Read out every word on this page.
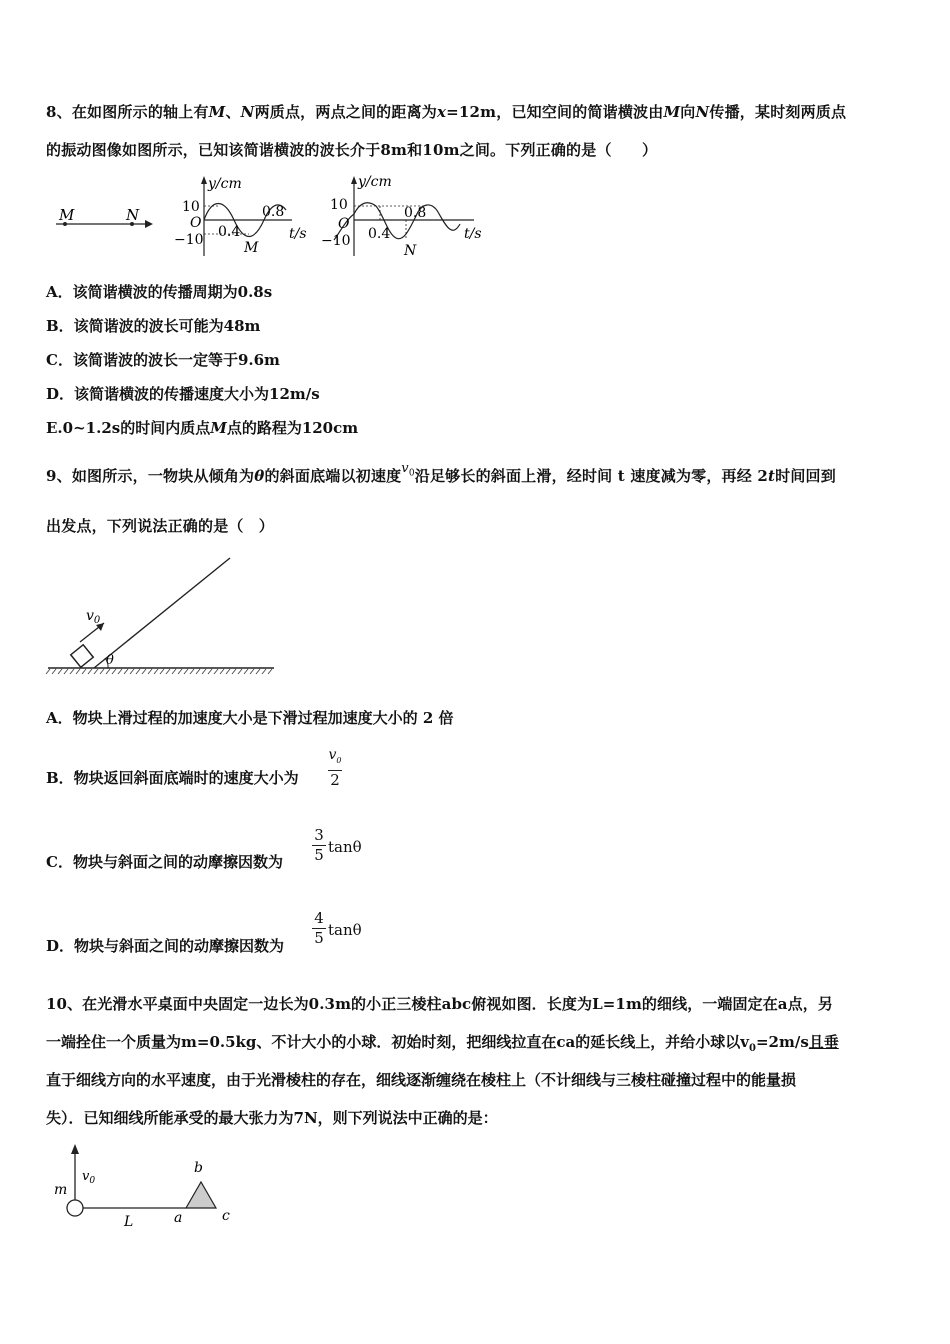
8、在如图所示的轴上有M、N两质点，两点之间的距离为x=12m，已知空间的简谐横波由M向N传播，某时刻两质点
的振动图像如图所示，已知该简谐横波的波长介于8m和10m之间。下列正确的是（　　）
M	N
y/cm
10
O
−10 0.4
0.8
t/s
M
y/cm
10
O
−10 0.4
0.8
t/s
N
A．该简谐横波的传播周期为0.8s
B．该简谐波的波长可能为48m
C．该简谐波的波长一定等于9.6m
D．该简谐横波的传播速度大小为12m/s
E.0~1.2s的时间内质点M点的路程为120cm
9、如图所示，一物块从倾角为θ的斜面底端以初速度$v_0$沿足够长的斜面上滑，经时间 t 速度减为零，再经 2t时间回到
出发点，下列说法正确的是（　）
$v_0$
θ
A．物块上滑过程的加速度大小是下滑过程加速度大小的 2 倍
B．物块返回斜面底端时的速度大小为
$v_0$
2
C．物块与斜面之间的动摩擦因数为
3
5 tanθ
D．物块与斜面之间的动摩擦因数为
4
5 tanθ
10、在光滑水平桌面中央固定一边长为0.3m的小正三棱柱abc俯视如图．长度为L=1m的细线，一端固定在a点，另
一端拴住一个质量为m=0.5kg、不计大小的小球．初始时刻，把细线拉直在ca的延长线上，并给小球以$v_0=2m/s$且垂
直于细线方向的水平速度，由于光滑棱柱的存在，细线逐渐缠绕在棱柱上（不计细线与三棱柱碰撞过程中的能量损
失）．已知细线所能承受的最大张力为7N，则下列说法中正确的是：
m
$v_0$
L	a
b
c
